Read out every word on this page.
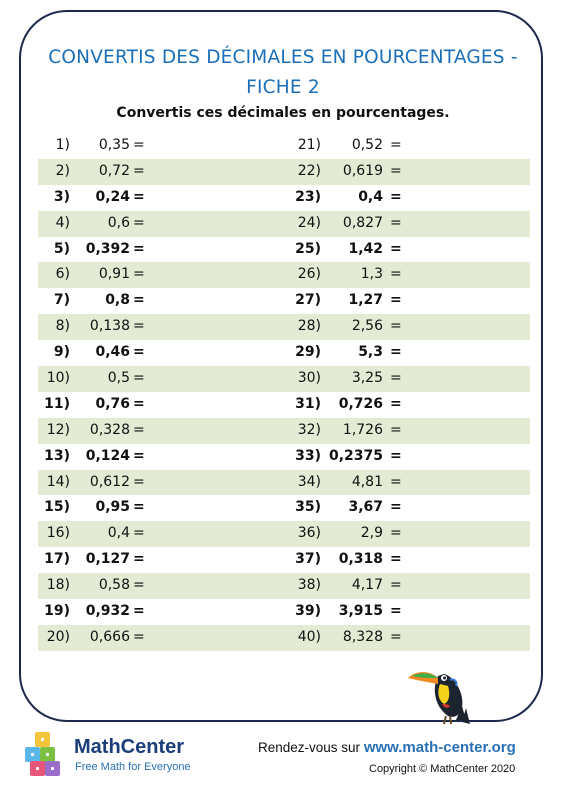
CONVERTIS DES DÉCIMALES EN POURCENTAGES -
FICHE 2
Convertis ces décimales en pourcentages.
1)	0,35 =	21)	0,52 =
2)	0,72 =	22)	0,619 =
3)	0,24 =	23)	0,4 =
4)	0,6 =	24)	0,827 =
5)	0,392 =	25)	1,42 =
6)	0,91 =	26)	1,3 =
7)	0,8 =	27)	1,27 =
8)	0,138 =	28)	2,56 =
9)	0,46 =	29)	5,3 =
10)	0,5 =	30)	3,25 =
11)	0,76 =	31)	0,726 =
12)	0,328 =	32)	1,726 =
13)	0,124 =	33) 0,2375 =
14)	0,612 =	34)	4,81 =
15)	0,95 =	35)	3,67 =
16)	0,4 =	36)	2,9 =
17)	0,127 =	37)	0,318 =
18)	0,58 =	38)	4,17 =
19)	0,932 =	39)	3,915 =
20)	0,666 =	40)	8,328 =
MathCenter
Free Math for Everyone
Rendez-vous sur www.math-center.org
Copyright © MathCenter 2020
